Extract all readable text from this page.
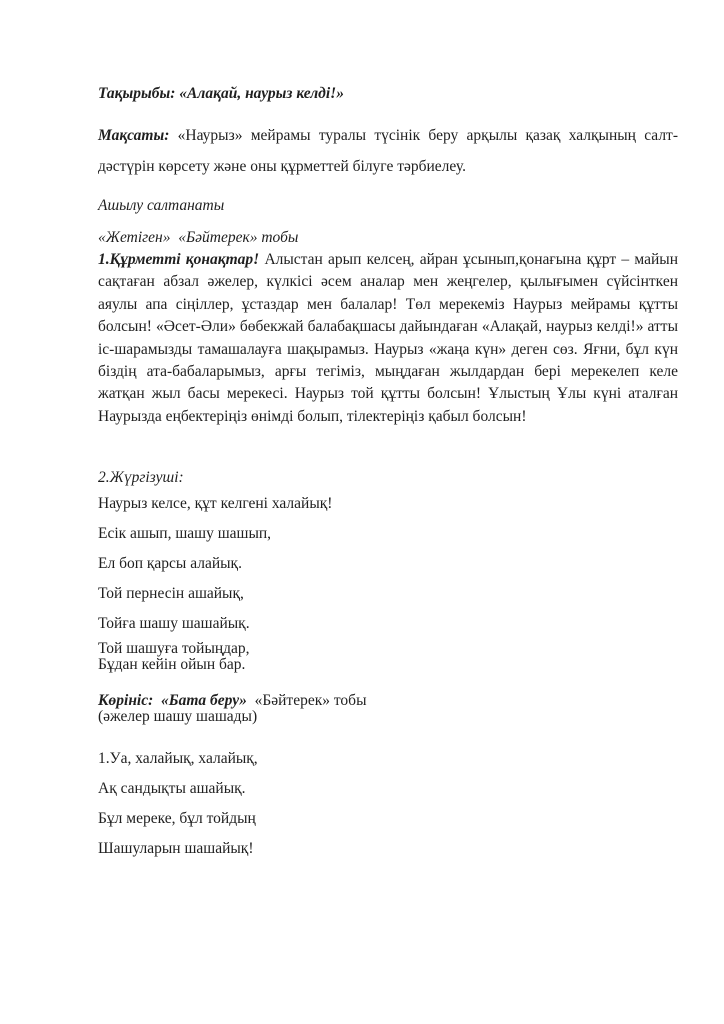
Тақырыбы: «Алақай, наурыз келді!»

Мақсаты: «Наурыз» мейрамы туралы түсінік беру арқылы қазақ халқының салт-дәстүрін көрсету және оны құрметтей білуге тәрбиелеу.

Ашылу салтанаты
«Жетіген»  «Бәйтерек» тобы

1.Құрметті қонақтар! Алыстан арып келсең, айран ұсынып,қонағына құрт – майын сақтаған абзал әжелер, күлкісі әсем аналар мен жеңгелер, қылығымен сүйсінткен аяулы апа сіңіллер, ұстаздар мен балалар! Төл мерекеміз Наурыз мейрамы құтты болсын! «Әсет-Әли» бөбекжай балабақшасы дайындаған «Алақай, наурыз келді!» атты іс-шарамызды тамашалауға шақырамыз. Наурыз «жаңа күн» деген сөз. Яғни, бұл күн біздің ата-бабаларымыз, арғы тегіміз, мыңдаған жылдардан бері мерекелеп келе жатқан жыл басы мерекесі. Наурыз той құтты болсын! Ұлыстың Ұлы күні аталған Наурызда еңбектеріңіз өнімді болып, тілектеріңіз қабыл болсын!

2.Жүргізуші:
Наурыз келсе, құт келгені халайық!
Есік ашып, шашу шашып,
Ел боп қарсы алайық.
Той пернесін ашайық,
Тойға шашу шашайық.
Той шашуға тойыңдар,
Бұдан кейін ойын бар.
Көрініс:  «Бата беру»  «Бәйтерек» тобы
(әжелер шашу шашады)
1.Уа, халайық, халайық,
Ақ сандықты ашайық.
Бұл мереке, бұл тойдың
Шашуларын шашайық!
